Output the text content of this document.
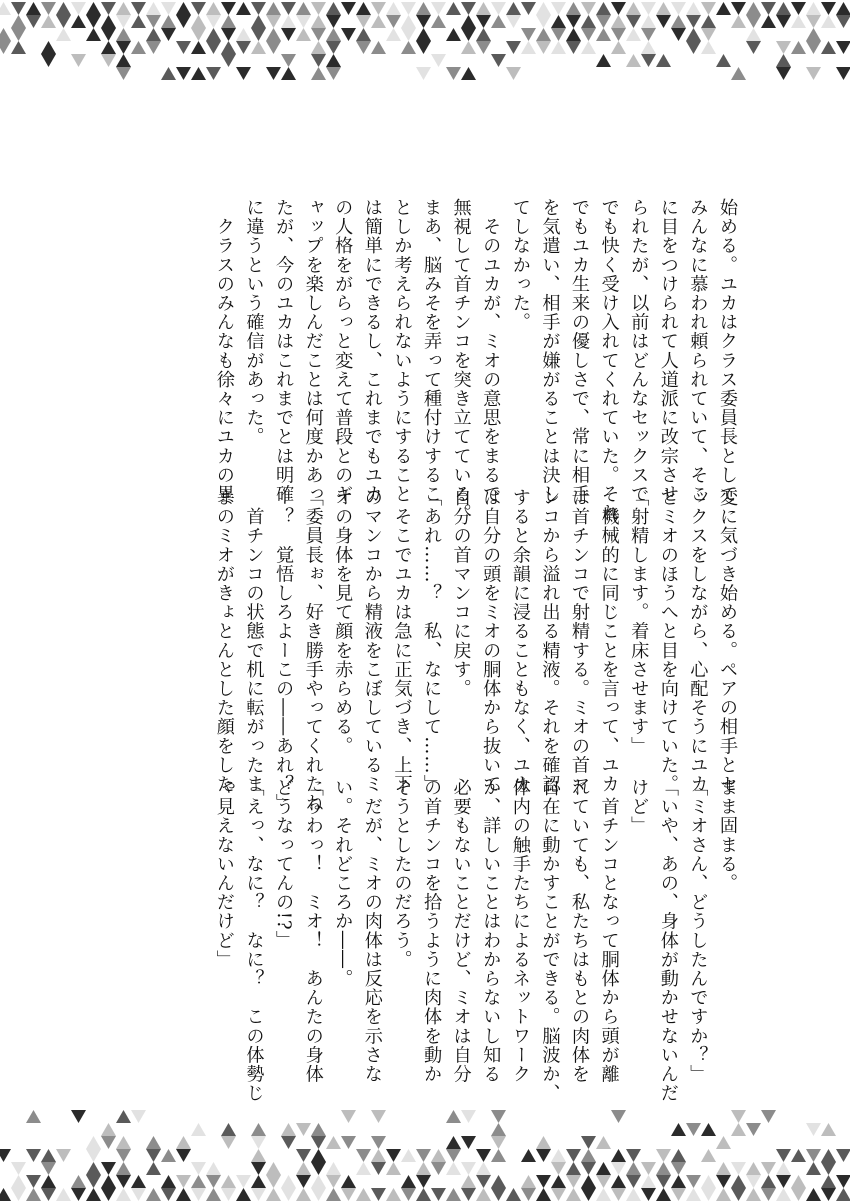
始める。ユカはクラス委員長として

みんなに慕われ頼られていて、そこ

に目をつけられて人道派に改宗させ

られたが、以前はどんなセックスで

でも快く受け入れてくれていた。それ

でもユカ生来の優しさで、常に相手

を気遣い、相手が嫌がることは決し

てしなかった。

　そのユカが、ミオの意思をまるで

無視して首チンコを突き立てている。

まあ、脳みそを弄って種付けするこ

としか考えられないようにすること

は簡単にできるし、これまでもユカ

の人格をがらっと変えて普段とのギ

ャップを楽しんだことは何度かあっ

たが、今のユカはこれまでとは明確

に違うという確信があった。

　クラスのみんなも徐々にユカの異

変に気づき始める。ペアの相手とセ

ックスをしながら、心配そうにユカ

とミオのほうへと目を向けていた。

「射精します。着床させます」

　機械的に同じことを言って、ユカ

は首チンコで射精する。ミオの首マ

ンコから溢れ出る精液。それを確認

すると余韻に浸ることもなく、ユカ

は自分の頭をミオの胴体から抜いて

自分の首マンコに戻す。

「あれ……？　私、なにして……」

　そこでユカは急に正気づき、上下

のマンコから精液をこぼしているミ

オの身体を見て顔を赤らめる。

「委員長ぉ、好き勝手やってくれたね

ー？　覚悟しろよーこの――あれ？」

　首チンコの状態で机に転がったま

まのミオがきょとんとした顔をした

まま固まる。

「ミオさん、どうしたんですか？」

「いや、あの、身体が動かせないんだ

けど」

　首チンコとなって胴体から頭が離

れていても、私たちはもとの肉体を

自在に動かすことができる。脳波か、

体内の触手たちによるネットワーク

か、詳しいことはわからないし知る

必要もないことだけど、ミオは自分

の首チンコを拾うように肉体を動か

そうとしたのだろう。

　だが、ミオの肉体は反応を示さな

い。それどころか――。

「うわっ！　ミオ！　あんたの身体

どうなってんの!?」

「えっ、なに？　なに？　この体勢じ

ゃ見えないんだけど」
